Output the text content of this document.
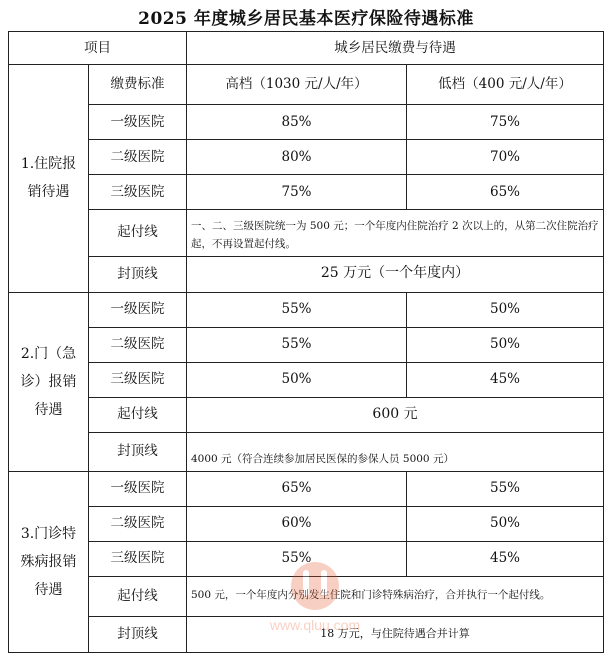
2025 年度城乡居民基本医疗保险待遇标准
项目		城乡居民缴费与待遇	

1.住院报
销待遇	缴费标准	高档（1030 元/人/年）	低档（400 元/人/年）
	一级医院	85%	75%
	二级医院	80%	70%
	三级医院	75%	65%
	起付线	一、二、三级医院统一为 500 元；一个年度内住院治疗 2 次以上的，从第二次住院治疗起，不再设置起付线。	
	封顶线	25 万元（一个年度内）	

2.门（急
诊）报销
待遇	一级医院	55%	50%
	二级医院	55%	50%
	三级医院	50%	45%
	起付线	600 元	
	封顶线	4000 元（符合连续参加居民医保的参保人员 5000 元）	

3.门诊特
殊病报销
待遇	一级医院	65%	55%
	二级医院	60%	50%
	三级医院	55%	45%
	起付线	500 元，一个年度内分别发生住院和门诊特殊病治疗，合并执行一个起付线。	
	封顶线	18 万元，与住院待遇合并计算	
www.qluu.com
